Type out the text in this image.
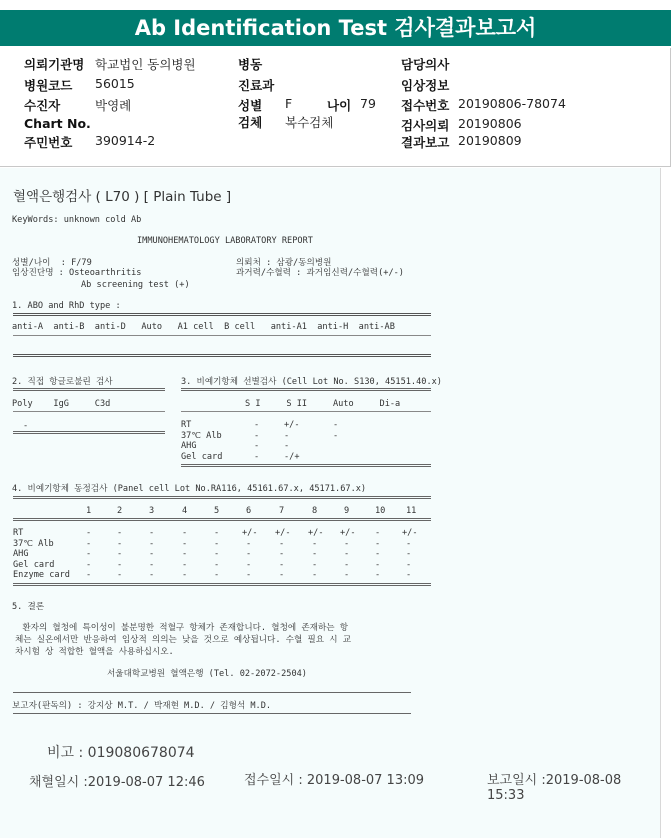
Ab Identification Test 검사결과보고서
의뢰기관명 학교법인 동의병원	병동	담당의사
병원코드 56015	진료과	임상정보
수진자	박영례	성별 F	나이 79 접수번호 20190806-78074
Chart No.	검체 복수검체	검사의뢰 20190806
주민번호 390914-2	결과보고 20190809
혈액은행검사 ( L70 ) [ Plain Tube ]
KeyWords: unknown cold Ab
IMMUNOHEMATOLOGY LABORATORY REPORT
성별/나이  : F/79	의뢰처 : 삼광/동의병원
임상진단명 : Osteoarthritis	과거력/수혈력 : 과거임신력/수혈력(+/-)
Ab screening test (+)
1. ABO and RhD type :
anti-A  anti-B  anti-D   Auto   A1 cell  B cell   anti-A1  anti-H  anti-AB
2. 직접 항글로불린 검사
Poly    IgG     C3d
-
3. 비예기항체 선별검사 (Cell Lot No. S130, 45151.40.x)
S I     S II     Auto     Di-a
RT	-	+/-	-
37℃ Alb	-	-	-
AHG	-	-
Gel card	-	-/+
4. 비예기항체 동정검사 (Panel cell Lot No.RA116, 45161.67.x, 45171.67.x)
1	2	3	4	5	6	7	8	9	10 11
RT	-	-	-	-	-	+/- +/- +/- +/- -	+/-
37℃ Alb	-	-	-	-	-	-	-	-	-	-	-
AHG	-	-	-	-	-	-	-	-	-	-	-
Gel card	-	-	-	-	-	-	-	-	-	-	-
Enzyme card -	-	-	-	-	-	-	-	-	-	-
5. 결론
환자의 혈청에 특이성이 불분명한 적혈구 항체가 존재합니다. 혈청에 존재하는 항
체는 실온에서만 반응하여 임상적 의의는 낮을 것으로 예상됩니다. 수혈 필요 시 교
차시험 상 적합한 혈액을 사용하십시오.
서울대학교병원 혈액은행 (Tel. 02-2072-2504)
보고자(판독의) : 강지상 M.T. / 박재현 M.D. / 김형석 M.D.
비고 : 019080678074
채혈일시 :2019-08-07 12:46	접수일시 : 2019-08-07 13:09	보고일시 :2019-08-08 15:33
